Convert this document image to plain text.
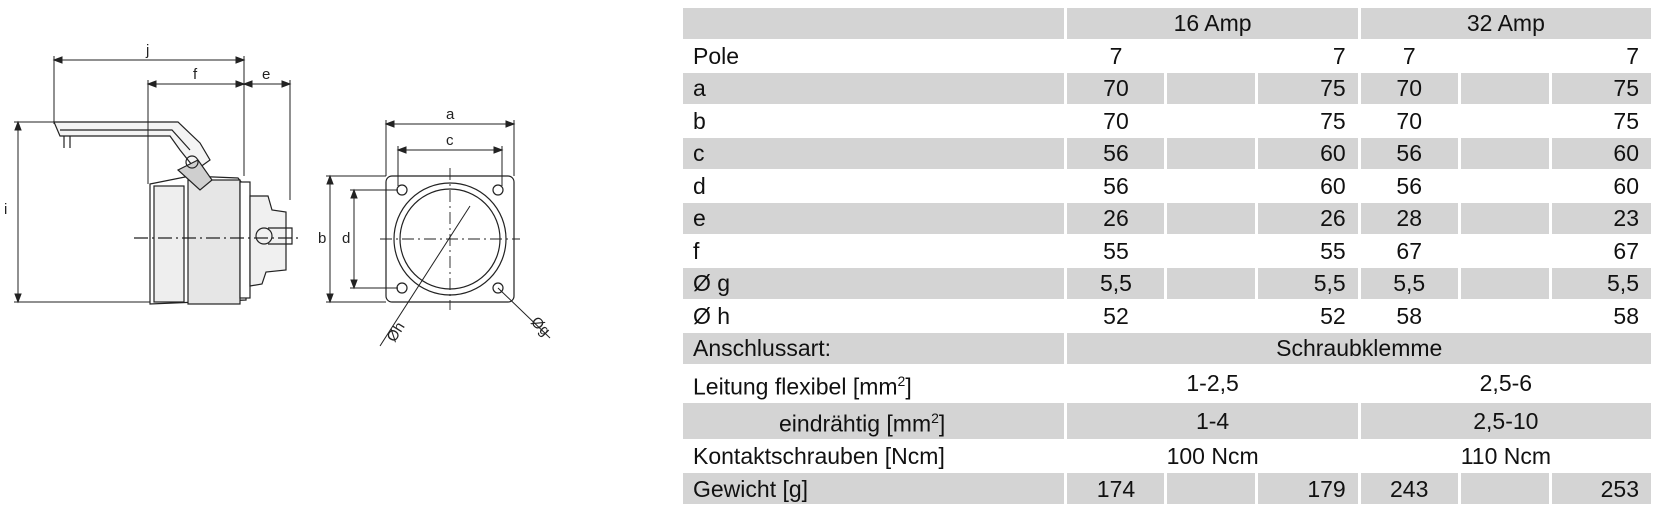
j
f	e
i
a
c
b d
Øh	Øg
	16 Amp			32 Amp		
Pole	7		7	7		7
a	70		75	70		75
b	70		75	70		75
c	56		60	56		60
d	56		60	56		60
e	26		26	28		23
f	55		55	67		67
Ø g	5,5		5,5	5,5		5,5
Ø h	52		52	58		58
Anschlussart:	Schraubklemme					
Leitung flexibel $[mm^2]$	1-2,5			2,5-6		
eindrähtig $[mm^2]$	1-4			2,5-10		
Kontaktschrauben [Ncm]	100 Ncm			110 Ncm		
Gewicht [g]	174		179	243		253
